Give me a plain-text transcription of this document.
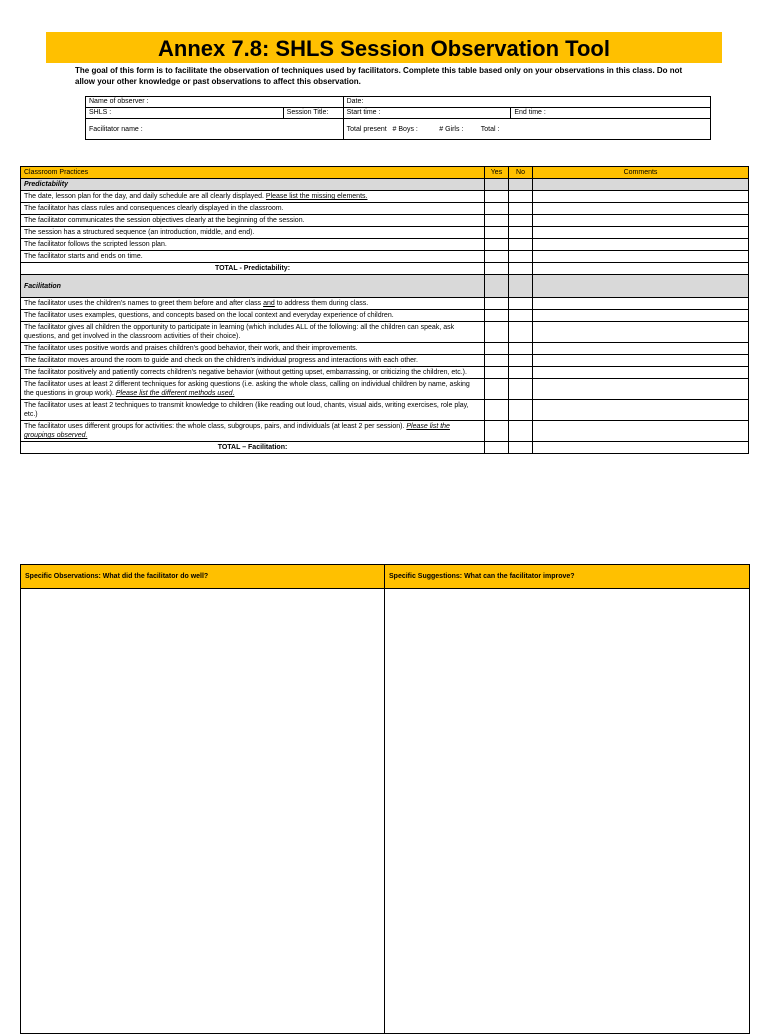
Annex 7.8: SHLS Session Observation Tool
The goal of this form is to facilitate the observation of techniques used by facilitators. Complete this table based only on your observations in this class. Do not allow your other knowledge or past observations to affect this observation.
Name of observer :		Date:	
SHLS :	Session Title:	Start time :	End time :
Facilitator name :		Total present # Boys : # Girls : Total :	
Classroom Practices	Yes	No	Comments
Predictability			
The date, lesson plan for the day, and daily schedule are all clearly displayed. Please list the missing elements.			
The facilitator has class rules and consequences clearly displayed in the classroom.			
The facilitator communicates the session objectives clearly at the beginning of the session.			
The session has a structured sequence (an introduction, middle, and end).			
The facilitator follows the scripted lesson plan.			
The facilitator starts and ends on time.			
TOTAL - Predictability:			
Facilitation			
The facilitator uses the children's names to greet them before and after class and to address them during class.			
The facilitator uses examples, questions, and concepts based on the local context and everyday experience of children.			
The facilitator gives all children the opportunity to participate in learning (which includes ALL of the following: all the children can speak, ask questions, and get involved in the classroom activities of their choice).			
The facilitator uses positive words and praises children's good behavior, their work, and their improvements.			
The facilitator moves around the room to guide and check on the children's individual progress and interactions with each other.			
The facilitator positively and patiently corrects children's negative behavior (without getting upset, embarrassing, or criticizing the children, etc.).			
The facilitator uses at least 2 different techniques for asking questions (i.e. asking the whole class, calling on individual children by name, asking the questions in group work). Please list the different methods used.			
The facilitator uses at least 2 techniques to transmit knowledge to children (like reading out loud, chants, visual aids, writing exercises, role play, etc.)			
The facilitator uses different groups for activities: the whole class, subgroups, pairs, and individuals (at least 2 per session). Please list the groupings observed.			
TOTAL – Facilitation:			
Specific Observations: What did the facilitator do well?	Specific Suggestions: What can the facilitator improve?
